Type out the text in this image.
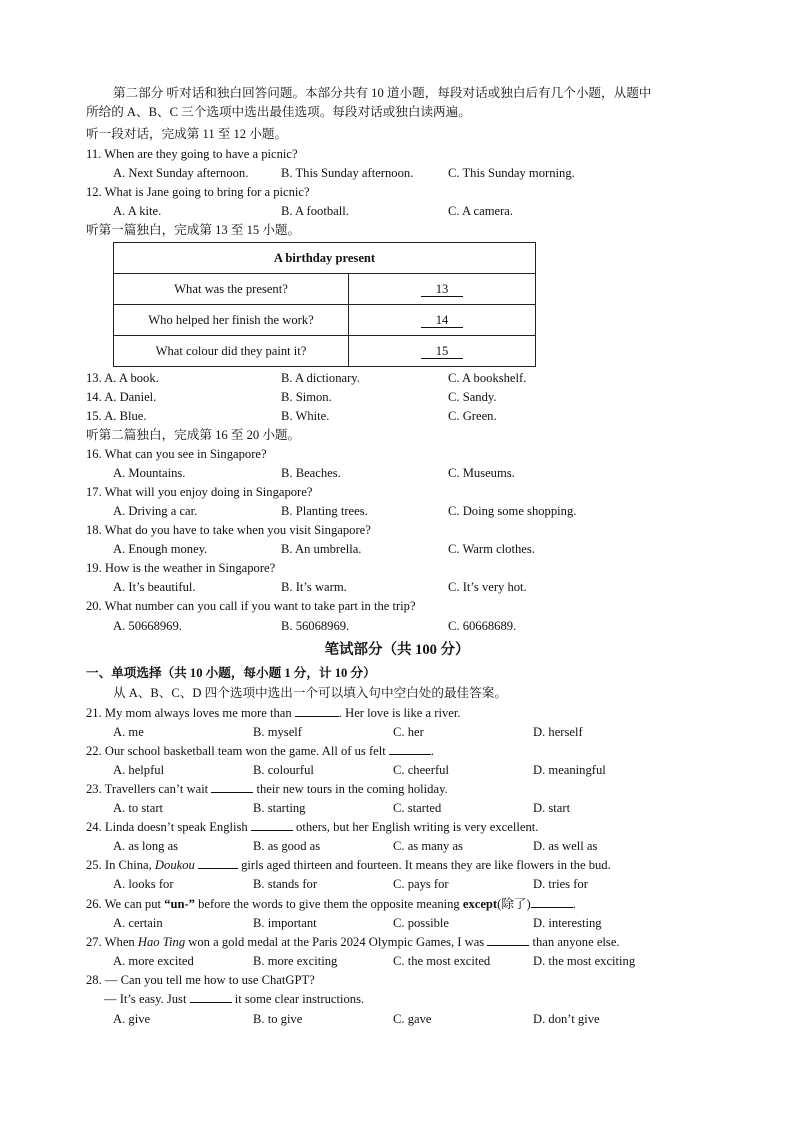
第二部分 听对话和独白回答问题。本部分共有 10 道小题，每段对话或独白后有几个小题，从题中
所给的 A、B、C 三个选项中选出最佳选项。每段对话或独白读两遍。
听一段对话，完成第 11 至 12 小题。
11. When are they going to have a picnic?
A. Next Sunday afternoon.	B. This Sunday afternoon.	C. This Sunday morning.
12. What is Jane going to bring for a picnic?
A. A kite.	B. A football.	C. A camera.
听第一篇独白，完成第 13 至 15 小题。
A birthday present	
What was the present?	13
Who helped her finish the work?	14
What colour did they paint it?	15
13. A. A book.	B. A dictionary.	C. A bookshelf.
14. A. Daniel.	B. Simon.	C. Sandy.
15. A. Blue.	B. White.	C. Green.
听第二篇独白，完成第 16 至 20 小题。
16. What can you see in Singapore?
A. Mountains.	B. Beaches.	C. Museums.
17. What will you enjoy doing in Singapore?
A. Driving a car.	B. Planting trees.	C. Doing some shopping.
18. What do you have to take when you visit Singapore?
A. Enough money.	B. An umbrella.	C. Warm clothes.
19. How is the weather in Singapore?
A. It’s beautiful.	B. It’s warm.	C. It’s very hot.
20. What number can you call if you want to take part in the trip?
A. 50668969.	B. 56068969.	C. 60668689.
笔试部分（共 100 分）
一、单项选择（共 10 小题，每小题 1 分，计 10 分）
从 A、B、C、D 四个选项中选出一个可以填入句中空白处的最佳答案。
21. My mom always loves me more than	. Her love is like a river.
A. me	B. myself	C. her	D. herself
22. Our school basketball team won the game. All of us felt	.
A. helpful	B. colourful	C. cheerful	D. meaningful
23. Travellers can’t wait	their new tours in the coming holiday.
A. to start	B. starting	C. started	D. start
24. Linda doesn’t speak English	others, but her English writing is very excellent.
A. as long as	B. as good as	C. as many as	D. as well as
25. In China, Doukou	girls aged thirteen and fourteen. It means they are like flowers in the bud.
A. looks for	B. stands for	C. pays for	D. tries for
26. We can put “un-” before the words to give them the opposite meaning except(除了)	.
A. certain	B. important	C. possible	D. interesting
27. When Hao Ting won a gold medal at the Paris 2024 Olympic Games, I was	than anyone else.
A. more excited	B. more exciting	C. the most excited	D. the most exciting
28. — Can you tell me how to use ChatGPT?
— It’s easy. Just	it some clear instructions.
A. give	B. to give	C. gave	D. don’t give
